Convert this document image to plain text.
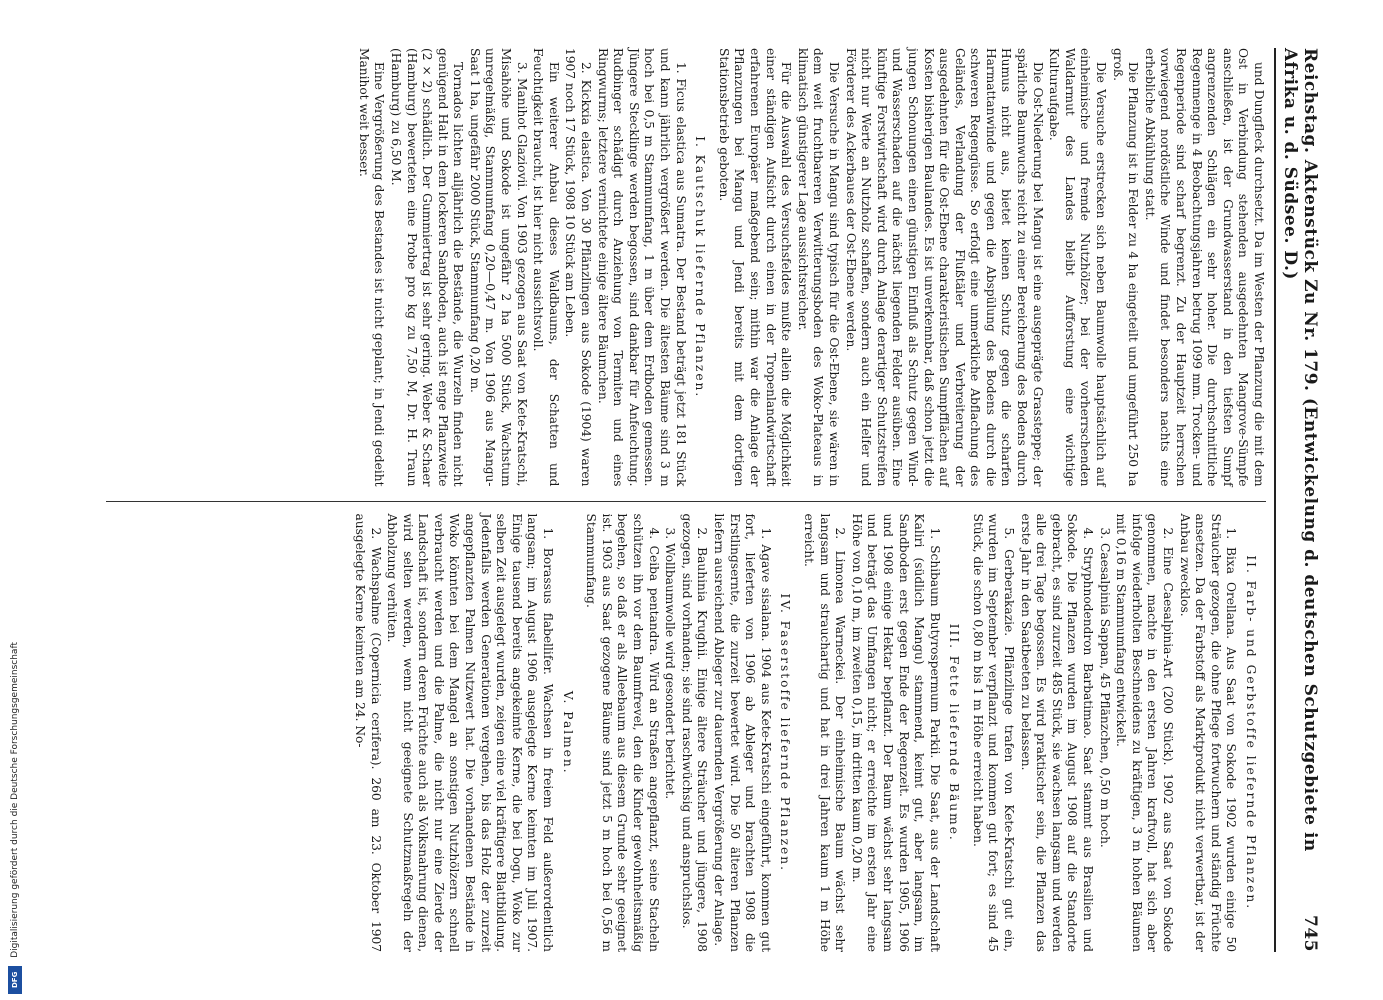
Digitalisierung gefördert durch die Deutsche Forschungsgemeinschaft
DFG
Reichstag. Aktenstück Zu Nr. 179. (Entwickelung d. deutschen Schutzgebiete in Afrika u. d. Südsee. D.)
745

und Dungfleck durchsetzt. Da im Westen der Pflanzung die mit dem Ost in Verbindung stehenden ausgedehnten Mangrove-Sümpfe anschließen, ist der Grundwasserstand in den tiefsten Sumpf angrenzenden Schlägen ein sehr hoher. Die durchschnittliche Regenmenge in 4 Beobachtungsjahren betrug 1099 mm. Trocken- und Regenperiode sind scharf begrenzt. Zu der Hauptzeit herrschen vorwiegend nordöstliche Winde und findet besonders nachts eine erhebliche Abkühlung statt.

Die Pflanzung ist in Felder zu 4 ha eingeteilt und umgeführt 250 ha groß.

Die Versuche erstrecken sich neben Baumwolle hauptsächlich auf einheimische und fremde Nutzhölzer; bei der vorherrschenden Waldarmut des Landes bleibt Aufforstung eine wichtige Kulturaufgabe.

Die Ost-Niederung bei Mangu ist eine ausgeprägte Grassteppe; der spärliche Baumwuchs reicht zu einer Bereicherung des Bodens durch Humus nicht aus, bietet keinen Schutz gegen die scharfen Harmattanwinde und gegen die Abspülung des Bodens durch die schweren Regengüsse. So erfolgt eine unmerkliche Abflachung des Geländes, Verlandung der Flußtäler und Verbreiterung der ausgedehnten für die Ost-Ebene charakteristischen Sumpfflächen auf Kosten bisherigen Baulandes. Es ist unverkennbar, daß schon jetzt die jungen Schonungen einen günstigen Einfluß als Schutz gegen Wind- und Wasserschaden auf die nächst liegenden Felder ausüben. Eine künftige Forstwirtschaft wird durch Anlage derartiger Schutzstreifen nicht nur Werte an Nutzholz schaffen, sondern auch ein Helfer und Förderer des Ackerbaues der Ost-Ebene werden.

Die Versuche in Mangu sind typisch für die Ost-Ebene, sie wären in dem weit fruchtbareren Verwitterungsboden des Woko-Plateaus in klimatisch günstigerer Lage aussichtsreicher.

Für die Auswahl des Versuchsfeldes mußte allein die Möglichkeit einer ständigen Aufsicht durch einen in der Tropenlandwirtschaft erfahrenen Europäer maßgebend sein; mithin war die Anlage der Pflanzungen bei Mangu und Jendi bereits mit dem dortigen Stationsbetrieb geboten.

I. Kautschuk liefernde Pflanzen.

1. Ficus elastica aus Sumatra. Der Bestand beträgt jetzt 181 Stück und kann jährlich vergrößert werden. Die ältesten Bäume sind 3 m hoch bei 0,5 m Stammumfang, 1 m über dem Erdboden gemessen. Jüngere Stecklinge werden begossen, sind dankbar für Anfeuchtung. Rudbinger schädigt durch Anziehung von Termiten und eines Ringwurms; letztere vernichtete einige ältere Bäumchen.

2. Kickxia elastica. Von 30 Pflänzlingen aus Sokode (1904) waren 1907 noch 17 Stück, 1908 10 Stück am Leben.

Ein weiterer Anbau dieses Waldbaums, der Schatten und Feuchtigkeit braucht, ist hier nicht aussichtsvoll.

3. Manihot Glaziovii. Von 1903 gezogen aus Saat von Kete-Kratschi, Misahöhe und Sokode ist ungefähr 2 ha 5000 Stück, Wachstum unregelmäßig, Stammumfang 0,20—0,47 m. Von 1906 aus Mangu-Saat 1 ha, ungefähr 2000 Stück, Stammumfang 0,20 m.

Tornados lichten alljährlich die Bestände, die Wurzeln finden nicht genügend Halt in dem lockeren Sandboden, auch ist enge Pflanzweite (2 × 2) schädlich. Der Gummiertrag ist sehr gering. Weber & Schaer (Hamburg) bewerteten eine Probe pro kg zu 7,50 M, Dr. H. Traun (Hamburg) zu 6,50 M.

Eine Vergrößerung des Bestandes ist nicht geplant; in Jendi gedeiht Manihot weit besser.

II. Farb- und Gerbstoffe liefernde Pflanzen.

1. Bixa Orellana. Aus Saat von Sokode 1902 wurden einige 50 Sträucher gezogen, die ohne Pflege fortwuchern und ständig Früchte ansetzen. Da der Farbstoff als Marktprodukt nicht verwertbar, ist der Anbau zwecklos.

2. Eine Caesalpinia-Art (200 Stück). 1902 aus Saat von Sokode genommen, machte in den ersten Jahren kraftvoll, hat sich aber infolge wiederholten Beschneidens zu kräftigen, 3 m hohen Bäumen mit 0,16 m Stammumfang entwickelt.

3. Caesalpinia Sappan, 45 Pflänzchen, 0,50 m hoch.

4. Stryphnodendron Barbatimao. Saat stammt aus Brasilien und Sokode. Die Pflanzen wurden im August 1908 auf die Standorte gebracht, es sind zurzeit 485 Stück, sie wachsen langsam und werden alle drei Tage begossen. Es wird praktischer sein, die Pflanzen das erste Jahr in den Saatbeeten zu belassen.

5. Gerberakazie. Pflänzlinge trafen von Kete-Kratschi gut ein, wurden im September verpflanzt und kommen gut fort; es sind 45 Stück, die schon 0,80 m bis 1 m Höhe erreicht haben.

III. Fette liefernde Bäume.

1. Schibaum Butyrospermum Parkii. Die Saat, aus der Landschaft Kaliri (südlich Mangu) stammend, keimt gut, aber langsam, im Sandboden erst gegen Ende der Regenzeit. Es wurden 1905, 1906 und 1908 einige Hektar bepflanzt. Der Baum wächst sehr langsam und beträgt das Umfangen nicht; er erreichte im ersten Jahr eine Höhe von 0,10 m, im zweiten 0,15, im dritten kaum 0,20 m.

2. Limonea Warneckei. Der einheimische Baum wächst sehr langsam und strauchartig und hat in drei Jahren kaum 1 m Höhe erreicht.

IV. Faserstoffe liefernde Pflanzen.

1. Agave sisalana. 1904 aus Kete-Kratschi eingeführt, kommen gut fort, lieferten von 1906 ab Ableger und brachten 1908 die Erstlingsernte, die zurzeit bewertet wird. Die 50 älteren Pflanzen liefern ausreichend Ableger zur dauernden Vergrößerung der Anlage.

2. Bauhinia Krughii. Einige ältere Sträucher und jüngere, 1908 gezogen, sind vorhanden; sie sind raschwüchsig und anspruchslos.

3. Wollbaumwolle wird gesondert berichtet.

4. Ceiba pentandra. Wird an Straßen angepflanzt, seine Stacheln schützen ihn vor dem Baumfrevel, den die Kinder gewohnheitsmäßig begehen, so daß er als Alleebaum aus diesem Grunde sehr geeignet ist. 1903 aus Saat gezogene Bäume sind jetzt 5 m hoch bei 0,56 m Stammumfang.

V. Palmen.

1. Borassus flabellifer. Wachsen in freiem Feld außerordentlich langsam; im August 1906 ausgelegte Kerne keimten im Juli 1907. Einige tausend bereits angekeimte Kerne, die bei Dogu, Woko zur selben Zeit ausgelegt wurden, zeigen eine viel kräftigere Blattbildung. Jedenfalls werden Generationen vergehen, bis das Holz der zurzeit angepflanzten Palmen Nutzwert hat. Die vorhandenen Bestände in Woko könnten bei dem Mangel an sonstigen Nutzhölzern schnell verbraucht werden und die Palme, die nicht nur eine Zierde der Landschaft ist, sondern deren Früchte auch als Volksnahrung dienen, wird selten werden, wenn nicht geeignete Schutzmaßregeln der Abholzung verhüten.

2. Wachspalme (Copernicia cerifera). 260 am 23. Oktober 1907 ausgelegte Kerne keimten am 24. No-
